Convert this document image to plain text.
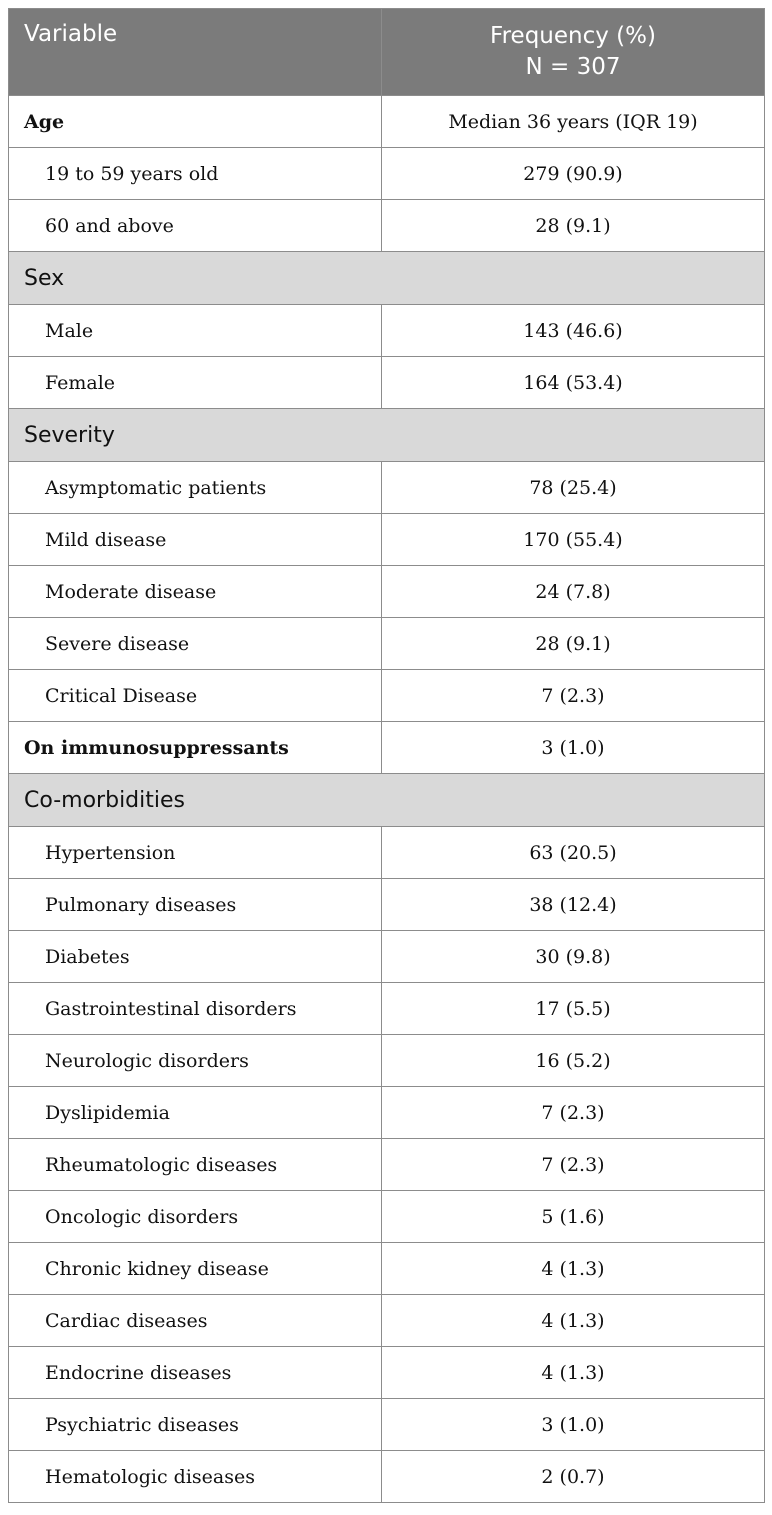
Variable	Frequency (%)
N = 307

Age	Median 36 years (IQR 19)
19 to 59 years old	279 (90.9)
60 and above	28 (9.1)
Sex	
Male	143 (46.6)
Female	164 (53.4)
Severity	
Asymptomatic patients	78 (25.4)
Mild disease	170 (55.4)
Moderate disease	24 (7.8)
Severe disease	28 (9.1)
Critical Disease	7 (2.3)
On immunosuppressants	3 (1.0)
Co-morbidities	
Hypertension	63 (20.5)
Pulmonary diseases	38 (12.4)
Diabetes	30 (9.8)
Gastrointestinal disorders	17 (5.5)
Neurologic disorders	16 (5.2)
Dyslipidemia	7 (2.3)
Rheumatologic diseases	7 (2.3)
Oncologic disorders	5 (1.6)
Chronic kidney disease	4 (1.3)
Cardiac diseases	4 (1.3)
Endocrine diseases	4 (1.3)
Psychiatric diseases	3 (1.0)
Hematologic diseases	2 (0.7)
